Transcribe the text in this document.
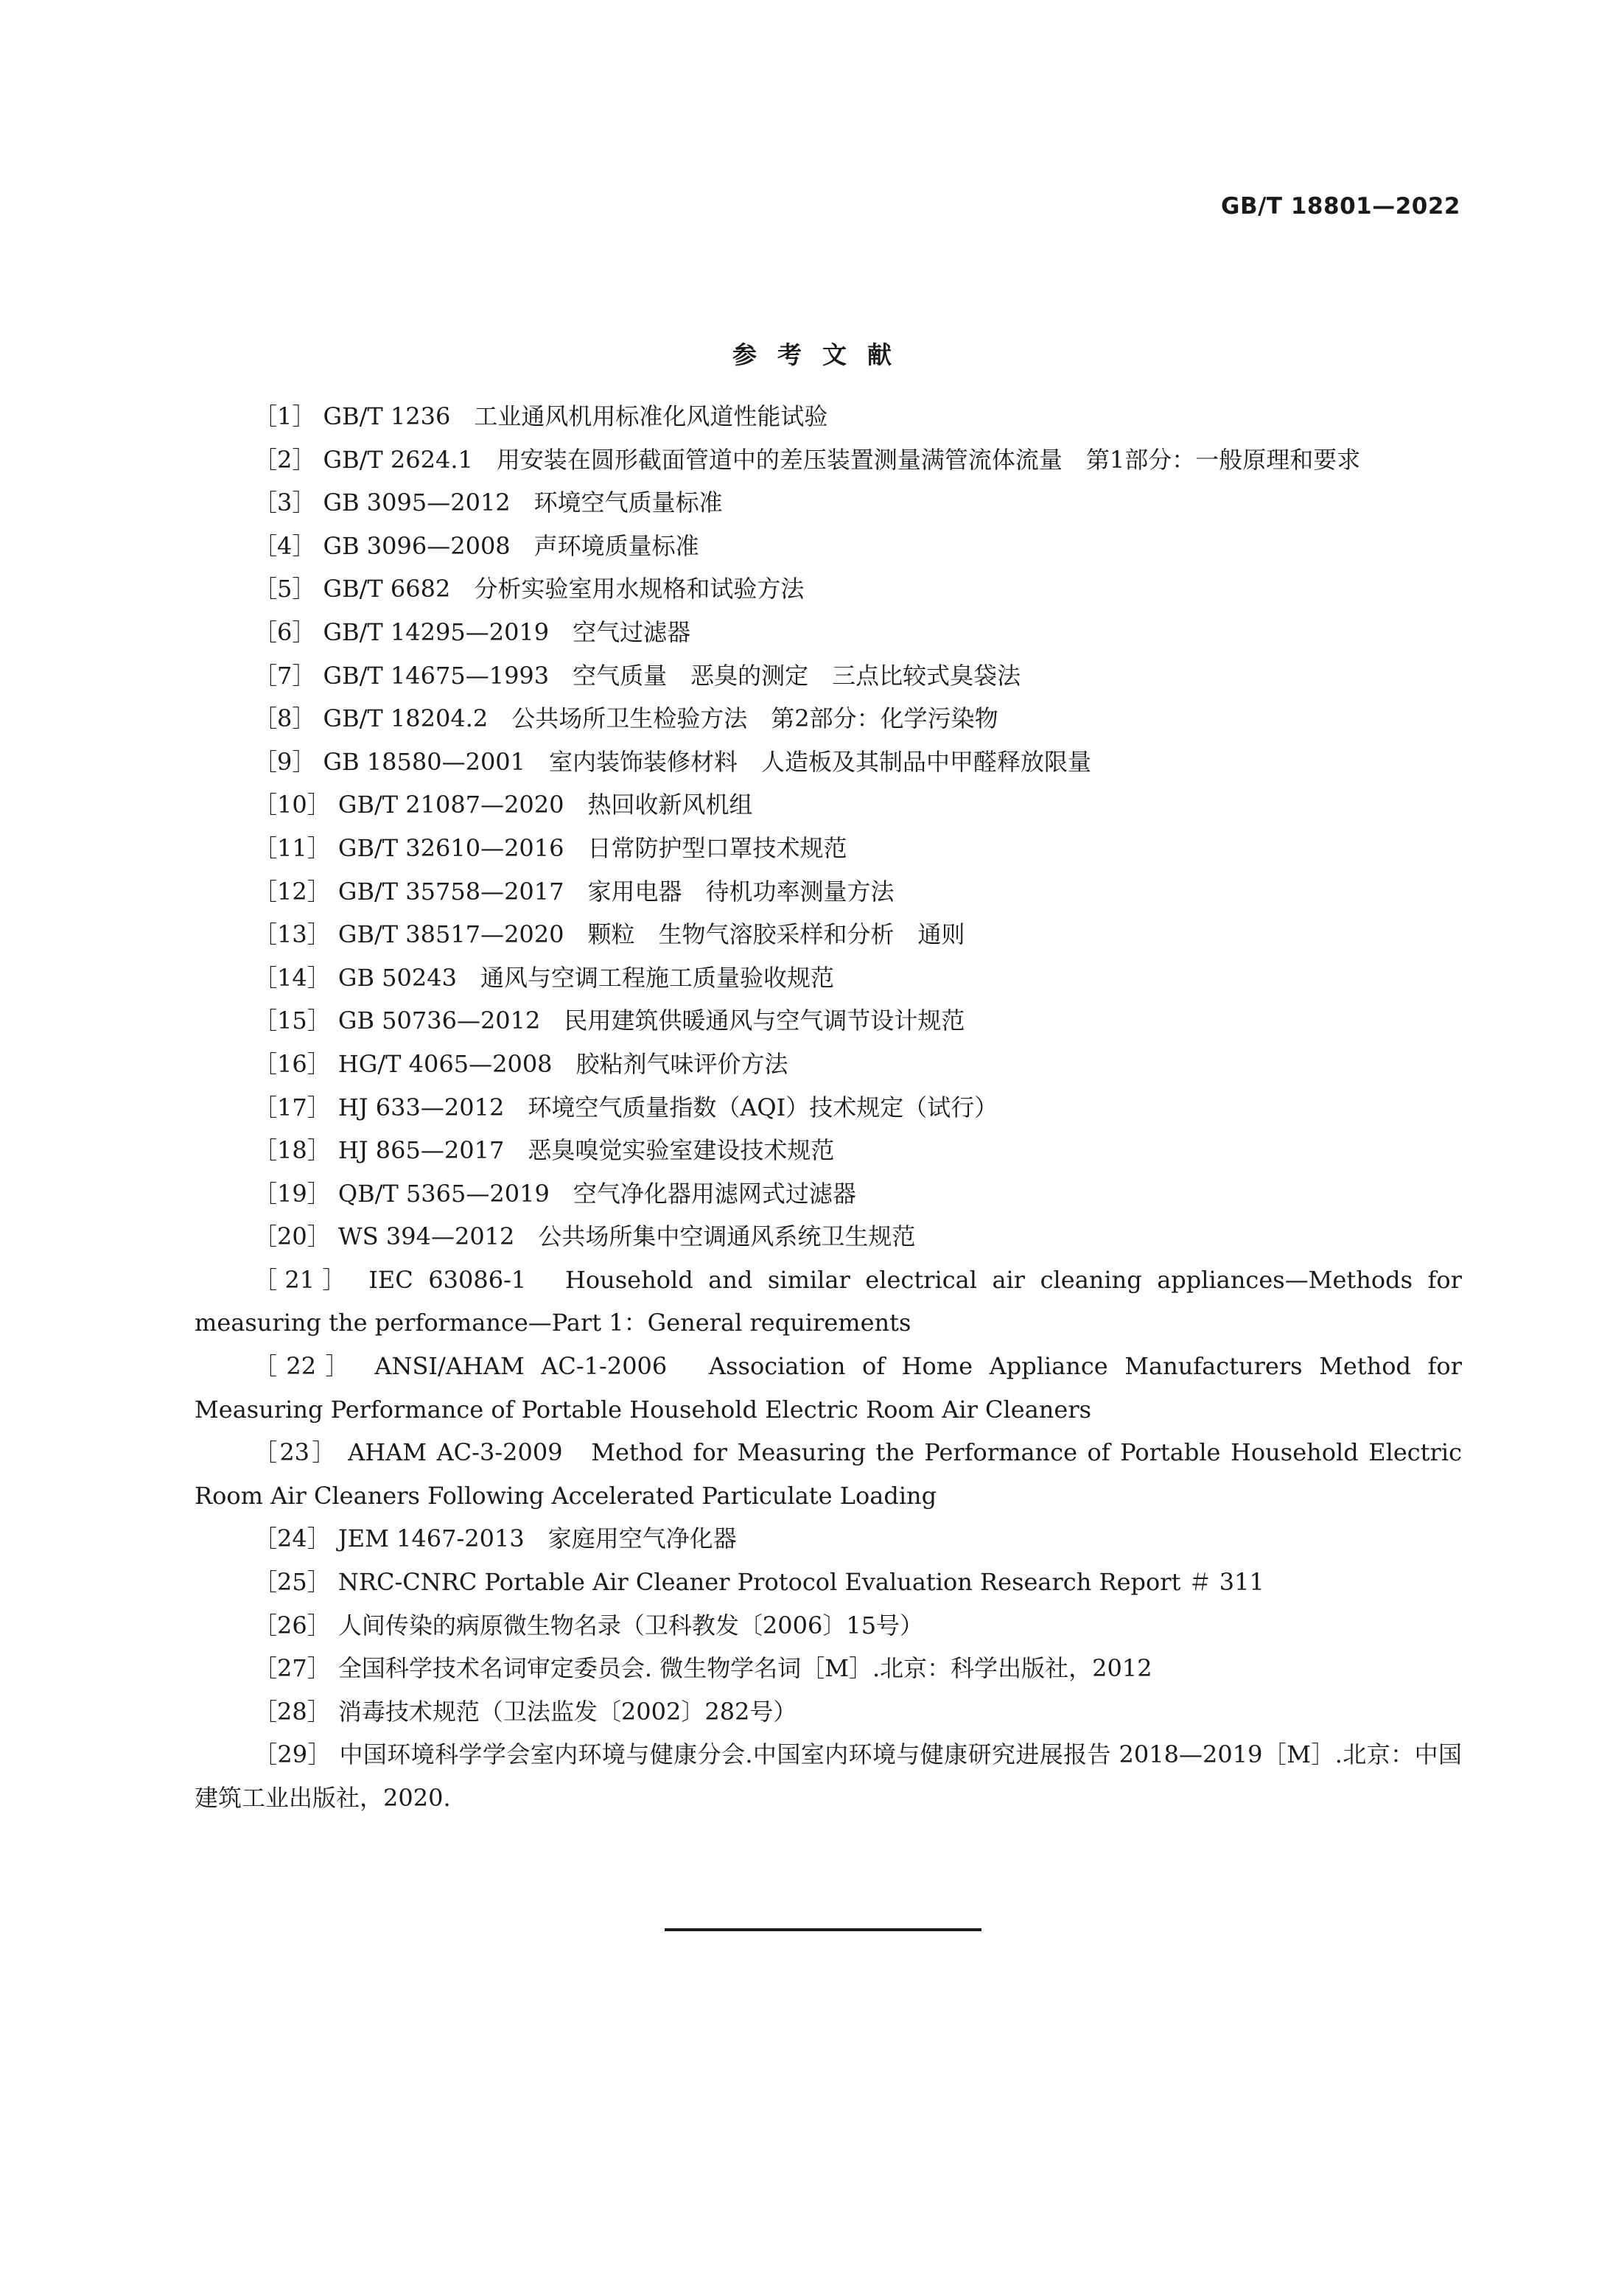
GB/T 18801—2022
参考文献
［1］ GB/T 1236　工业通风机用标准化风道性能试验
［2］ GB/T 2624.1　用安装在圆形截面管道中的差压装置测量满管流体流量　第1部分：一般原理和要求
［3］ GB 3095—2012　环境空气质量标准
［4］ GB 3096—2008　声环境质量标准
［5］ GB/T 6682　分析实验室用水规格和试验方法
［6］ GB/T 14295—2019　空气过滤器
［7］ GB/T 14675—1993　空气质量　恶臭的测定　三点比较式臭袋法
［8］ GB/T 18204.2　公共场所卫生检验方法　第2部分：化学污染物
［9］ GB 18580—2001　室内装饰装修材料　人造板及其制品中甲醛释放限量
［10］ GB/T 21087—2020　热回收新风机组
［11］ GB/T 32610—2016　日常防护型口罩技术规范
［12］ GB/T 35758—2017　家用电器　待机功率测量方法
［13］ GB/T 38517—2020　颗粒　生物气溶胶采样和分析　通则
［14］ GB 50243　通风与空调工程施工质量验收规范
［15］ GB 50736—2012　民用建筑供暖通风与空气调节设计规范
［16］ HG/T 4065—2008　胶粘剂气味评价方法
［17］ HJ 633—2012　环境空气质量指数（AQI）技术规定（试行）
［18］ HJ 865—2017　恶臭嗅觉实验室建设技术规范
［19］ QB/T 5365—2019　空气净化器用滤网式过滤器
［20］ WS 394—2012　公共场所集中空调通风系统卫生规范
［21］ IEC 63086-1　Household and similar electrical air cleaning appliances—Methods for measuring the performance—Part 1：General requirements
［22］ ANSI/AHAM AC-1-2006　Association of Home Appliance Manufacturers Method for Measuring Performance of Portable Household Electric Room Air Cleaners
［23］ AHAM AC-3-2009　Method for Measuring the Performance of Portable Household Electric Room Air Cleaners Following Accelerated Particulate Loading
［24］ JEM 1467-2013　家庭用空气净化器
［25］ NRC-CNRC Portable Air Cleaner Protocol Evaluation Research Report ＃ 311
［26］ 人间传染的病原微生物名录（卫科教发〔2006〕15号）
［27］ 全国科学技术名词审定委员会. 微生物学名词［M］.北京：科学出版社，2012
［28］ 消毒技术规范（卫法监发〔2002〕282号）
［29］ 中国环境科学学会室内环境与健康分会.中国室内环境与健康研究进展报告 2018—2019［M］.北京：中国建筑工业出版社，2020.
